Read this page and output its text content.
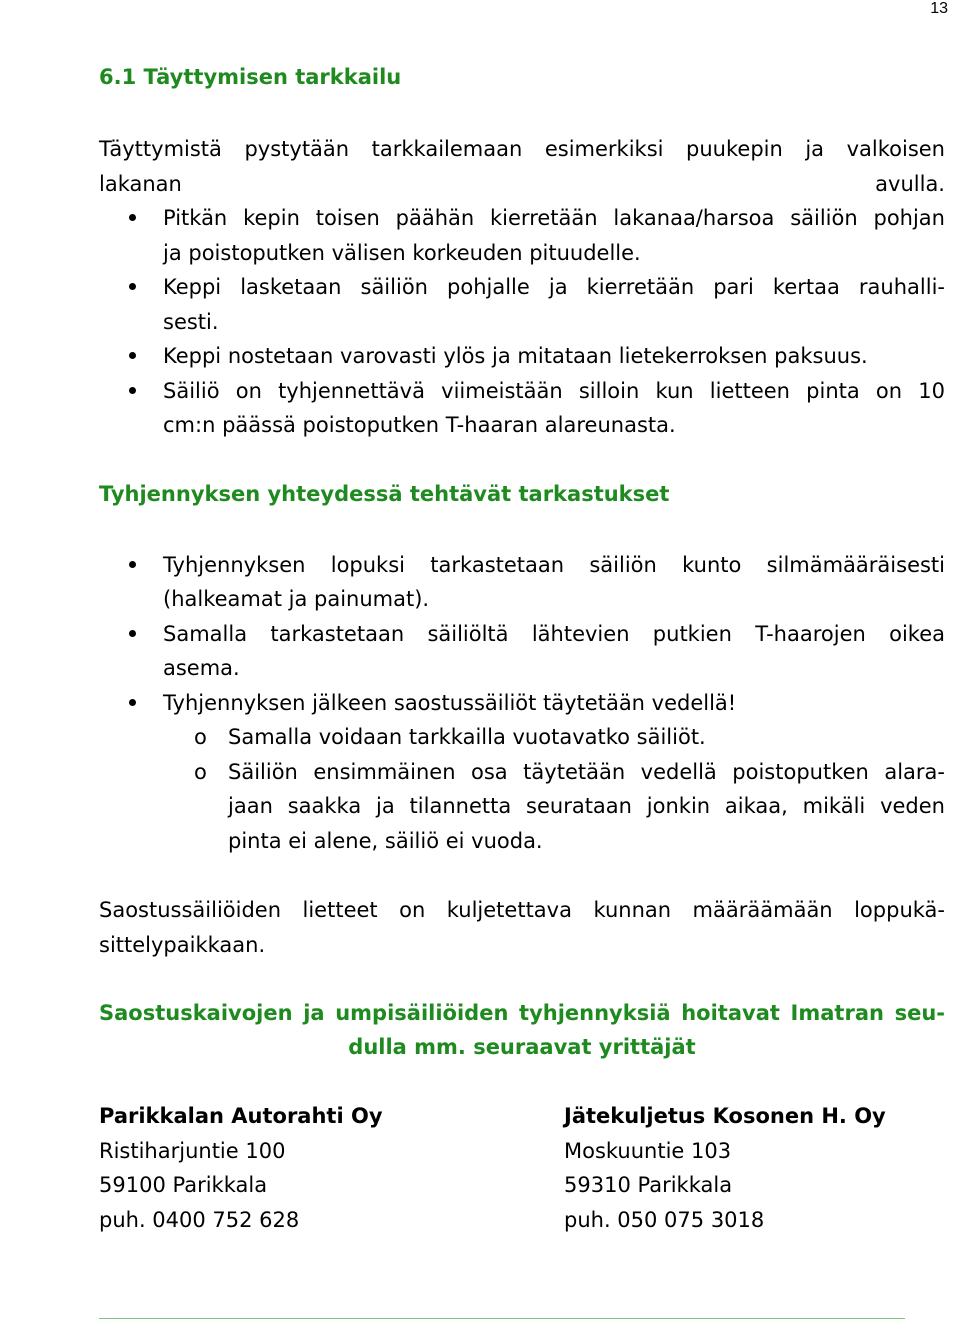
13
6.1 Täyttymisen tarkkailu
Täyttymistä pystytään tarkkailemaan esimerkiksi puukepin ja valkoisen
lakanan avulla.
Pitkän kepin toisen päähän kierretään lakanaa/harsoa säiliön pohjan
ja poistoputken välisen korkeuden pituudelle.
Keppi lasketaan säiliön pohjalle ja kierretään pari kertaa rauhalli-
sesti.
Keppi nostetaan varovasti ylös ja mitataan lietekerroksen paksuus.
Säiliö on tyhjennettävä viimeistään silloin kun lietteen pinta on 10
cm:n päässä poistoputken T-haaran alareunasta.
Tyhjennyksen yhteydessä tehtävät tarkastukset
Tyhjennyksen lopuksi tarkastetaan säiliön kunto silmämääräisesti
(halkeamat ja painumat).
Samalla tarkastetaan säiliöltä lähtevien putkien T-haarojen oikea
asema.
Tyhjennyksen jälkeen saostussäiliöt täytetään vedellä!
o Samalla voidaan tarkkailla vuotavatko säiliöt.
o Säiliön ensimmäinen osa täytetään vedellä poistoputken alara-
jaan saakka ja tilannetta seurataan jonkin aikaa, mikäli veden
pinta ei alene, säiliö ei vuoda.
Saostussäiliöiden lietteet on kuljetettava kunnan määräämään loppukä-
sittelypaikkaan.
Saostuskaivojen ja umpisäiliöiden tyhjennyksiä hoitavat Imatran seu-
dulla mm. seuraavat yrittäjät
Parikkalan Autorahti Oy
Ristiharjuntie 100
59100 Parikkala
puh. 0400 752 628
Jätekuljetus Kosonen H. Oy
Moskuuntie 103
59310 Parikkala
puh. 050 075 3018
